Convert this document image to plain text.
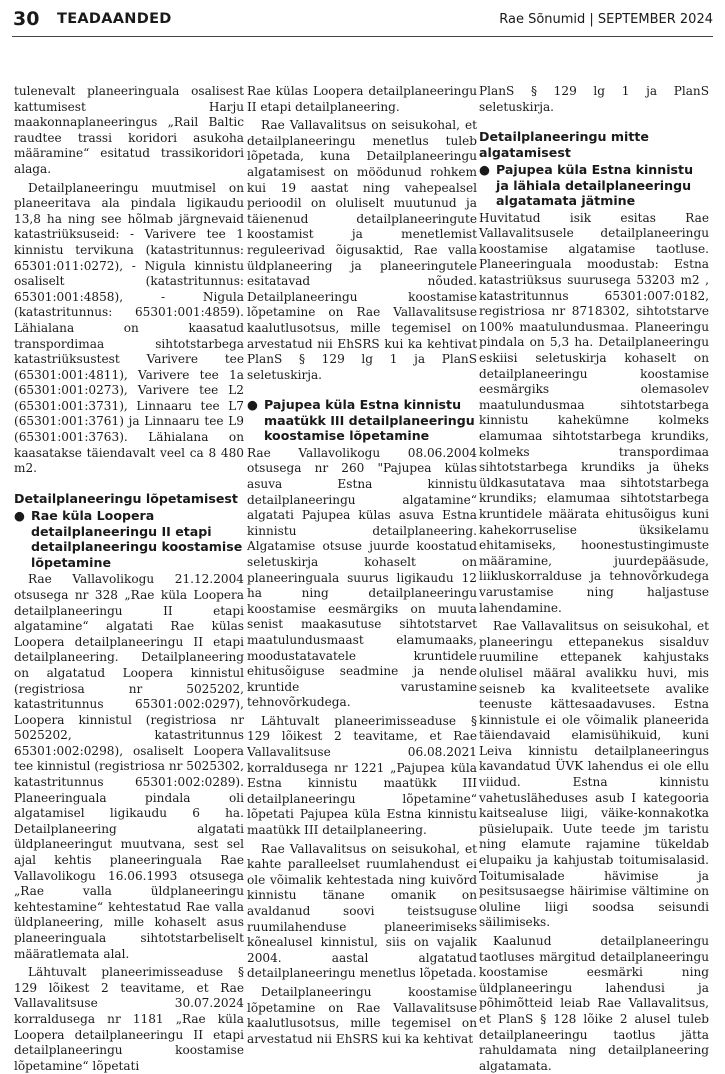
30 TEADAANDED	Rae Sõnumid | SEPTEMBER 2024

tulenevalt planeeringuala osalisest kattumisest Harju maakonnaplaneeringus „Rail Baltic raudtee trassi koridori asukoha määramine“ esitatud trassikoridori alaga.

Detailplaneeringu muutmisel on planeeritava ala pindala ligikaudu 13,8 ha ning see hõlmab järgnevaid katastriüksuseid: - Varivere tee 1 kinnistu tervikuna (katastritunnus: 65301:011:0272), - Nigula kinnistu osaliselt (katastritunnus: 65301:001:4858), - Nigula (katastritunnus: 65301:001:4859). Lähialana on kaasatud transpordimaa sihtotstarbega katastriüksustest Varivere tee (65301:001:4811), Varivere tee 1a (65301:001:0273), Varivere tee L2 (65301:001:3731), Linnaaru tee L7 (65301:001:3761) ja Linnaaru tee L9 (65301:001:3763). Lähialana on kaasatakse täiendavalt veel ca 8 480 m2.

Detailplaneeringu lõpetamisest
● Rae küla Loopera detailplaneeringu II etapi detailplaneeringu koostamise lõpetamine

Rae Vallavolikogu 21.12.2004 otsusega nr 328 „Rae küla Loopera detailplaneeringu II etapi algatamine“ algatati Rae külas Loopera detailplaneeringu II etapi detailplaneering. Detailplaneering on algatatud Loopera kinnistul (registriosa nr 5025202, katastritunnus 65301:002:0297), Loopera kinnistul (registriosa nr 5025202, katastritunnus 65301:002:0298), osaliselt Loopera tee kinnistul (registriosa nr 5025302, katastritunnus 65301:002:0289). Planeeringuala pindala oli algatamisel ligikaudu 6 ha. Detailplaneering algatati üldplaneeringut muutvana, sest sel ajal kehtis planeeringuala Rae Vallavolikogu 16.06.1993 otsusega „Rae valla üldplaneeringu kehtestamine“ kehtestatud Rae valla üldplaneering, mille kohaselt asus planeeringuala sihtotstarbeliselt määratlemata alal.

Lähtuvalt planeerimisseaduse § 129 lõikest 2 teavitame, et Rae Vallavalitsuse 30.07.2024 korraldusega nr 1181 „Rae küla Loopera detailplaneeringu II etapi detailplaneeringu koostamise lõpetamine“ lõpetati

Rae külas Loopera detailplaneeringu II etapi detailplaneering.

Rae Vallavalitsus on seisukohal, et detailplaneeringu menetlus tuleb lõpetada, kuna Detailplaneeringu algatamisest on möödunud rohkem kui 19 aastat ning vahepealsel perioodil on oluliselt muutunud ja täienenud detailplaneeringute koostamist ja menetlemist reguleerivad õigusaktid, Rae valla üldplaneering ja planeeringutele esitatavad nõuded. Detailplaneeringu koostamise lõpetamine on Rae Vallavalitsuse kaalutlusotsus, mille tegemisel on arvestatud nii EhSRS kui ka kehtivat PlanS § 129 lg 1 ja PlanS seletuskirja.

● Pajupea küla Estna kinnistu maatükk III detailplaneeringu koostamise lõpetamine

Rae Vallavolikogu 08.06.2004 otsusega nr 260 "Pajupea külas asuva Estna kinnistu detailplaneeringu algatamine“ algatati Pajupea külas asuva Estna kinnistu detailplaneering. Algatamise otsuse juurde koostatud seletuskirja kohaselt on planeeringuala suurus ligikaudu 12 ha ning detailplaneeringu koostamise eesmärgiks on muuta senist maakasutuse sihtotstarvet maatulundusmaast elamumaaks, moodustatavatele kruntidele ehitusõiguse seadmine ja nende kruntide varustamine tehnovõrkudega.

Lähtuvalt planeerimisseaduse § 129 lõikest 2 teavitame, et Rae Vallavalitsuse 06.08.2021 korraldusega nr 1221 „Pajupea küla Estna kinnistu maatükk III detailplaneeringu lõpetamine“ lõpetati Pajupea küla Estna kinnistu maatükk III detailplaneering.

Rae Vallavalitsus on seisukohal, et kahte paralleelset ruumlahendust ei ole võimalik kehtestada ning kuivõrd kinnistu tänane omanik on avaldanud soovi teistsuguse ruumilahenduse planeerimiseks kõnealusel kinnistul, siis on vajalik 2004. aastal algatatud detailplaneeringu menetlus lõpetada.

Detailplaneeringu koostamise lõpetamine on Rae Vallavalitsuse kaalutlusotsus, mille tegemisel on arvestatud nii EhSRS kui ka kehtivat

PlanS § 129 lg 1 ja PlanS seletuskirja.

Detailplaneeringu mitte algatamisest
● Pajupea küla Estna kinnistu ja lähiala detailplaneeringu algatamata jätmine

Huvitatud isik esitas Rae Vallavalitsusele detailplaneeringu koostamise algatamise taotluse. Planeeringuala moodustab: Estna katastriüksus suurusega 53203 m2 , katastritunnus 65301:007:0182, registriosa nr 8718302, sihtotstarve 100% maatulundusmaa. Planeeringu pindala on 5,3 ha. Detailplaneeringu eskiisi seletuskirja kohaselt on detailplaneeringu koostamise eesmärgiks olemasolev maatulundusmaa sihtotstarbega kinnistu kahekümne kolmeks elamumaa sihtotstarbega krundiks, kolmeks transpordimaa sihtotstarbega krundiks ja üheks üldkasutatava maa sihtotstarbega krundiks; elamumaa sihtotstarbega kruntidele määrata ehitusõigus kuni kahekorruselise üksikelamu ehitamiseks, hoonestustingimuste määramine, juurdepääsude, liikluskorralduse ja tehnovõrkudega varustamise ning haljastuse lahendamine.

Rae Vallavalitsus on seisukohal, et planeeringu ettepanekus sisalduv ruumiline ettepanek kahjustaks olulisel määral avalikku huvi, mis seisneb ka kvaliteetsete avalike teenuste kättesaadavuses. Estna kinnistule ei ole võimalik planeerida täiendavaid elamisühikuid, kuni Leiva kinnistu detailplaneeringus kavandatud ÜVK lahendus ei ole ellu viidud. Estna kinnistu vahetusläheduses asub I kategooria kaitsealuse liigi, väike-konnakotka püsielupaik. Uute teede jm taristu ning elamute rajamine tükeldab elupaiku ja kahjustab toitumisalasid. Toitumisalade hävimise ja pesitsusaegse häirimise vältimine on oluline liigi soodsa seisundi säilimiseks.

Kaalunud detailplaneeringu taotluses märgitud detailplaneeringu koostamise eesmärki ning üldplaneeringu lahendusi ja põhimõtteid leiab Rae Vallavalitsus, et PlanS § 128 lõike 2 alusel tuleb detailplaneeringu taotlus jätta rahuldamata ning detailplaneering algatamata.
